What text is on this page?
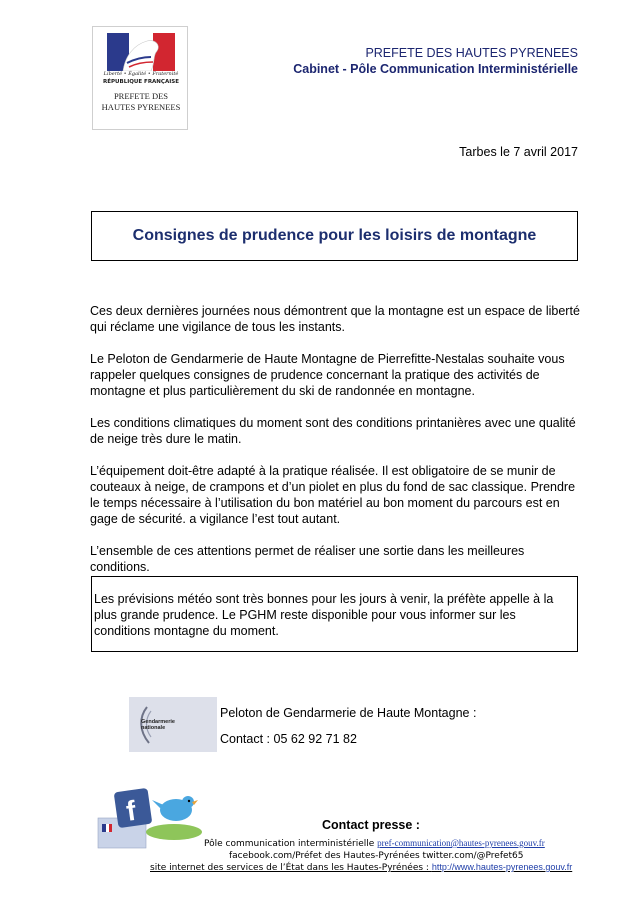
Liberté • Égalité • Fraternité
RÉPUBLIQUE FRANÇAISE
PREFETE DES
HAUTES PYRENEES
PREFETE DES HAUTES PYRENEES
Cabinet - Pôle Communication Interministérielle
Tarbes le 7 avril 2017
Consignes de prudence pour les loisirs de montagne

Ces deux dernières journées nous démontrent que la montagne est un espace de liberté qui réclame une vigilance de tous les instants.

Le Peloton de Gendarmerie de Haute Montagne de Pierrefitte-Nestalas souhaite vous rappeler quelques consignes de prudence concernant la pratique des activités de montagne et plus particulièrement du ski de randonnée en montagne.

Les conditions climatiques du moment sont des conditions printanières avec une qualité de neige très dure le matin.

L’équipement doit-être adapté à la pratique réalisée. Il est obligatoire de se munir de couteaux à neige, de crampons et d’un piolet en plus du fond de sac classique. Prendre le temps nécessaire à l’utilisation du bon matériel au bon moment du parcours est en gage de sécurité. a vigilance l’est tout autant.

L’ensemble de ces attentions permet de réaliser une sortie dans les meilleures conditions.

Les prévisions météo sont très bonnes pour les jours à venir, la préfète appelle à la plus grande prudence. Le PGHM reste disponible pour vous informer sur les conditions montagne du moment.
Gendarmerie
nationale
Peloton de Gendarmerie de Haute Montagne :
Contact : 05 62 92 71 82
f	Contact presse :
Pôle communication interministérielle pref-communication@hautes-pyrenees.gouv.fr
facebook.com/Préfet des Hautes-Pyrénées twitter.com/@Prefet65
site internet des services de l’État dans les Hautes-Pyrénées : http://www.hautes-pyrenees.gouv.fr
